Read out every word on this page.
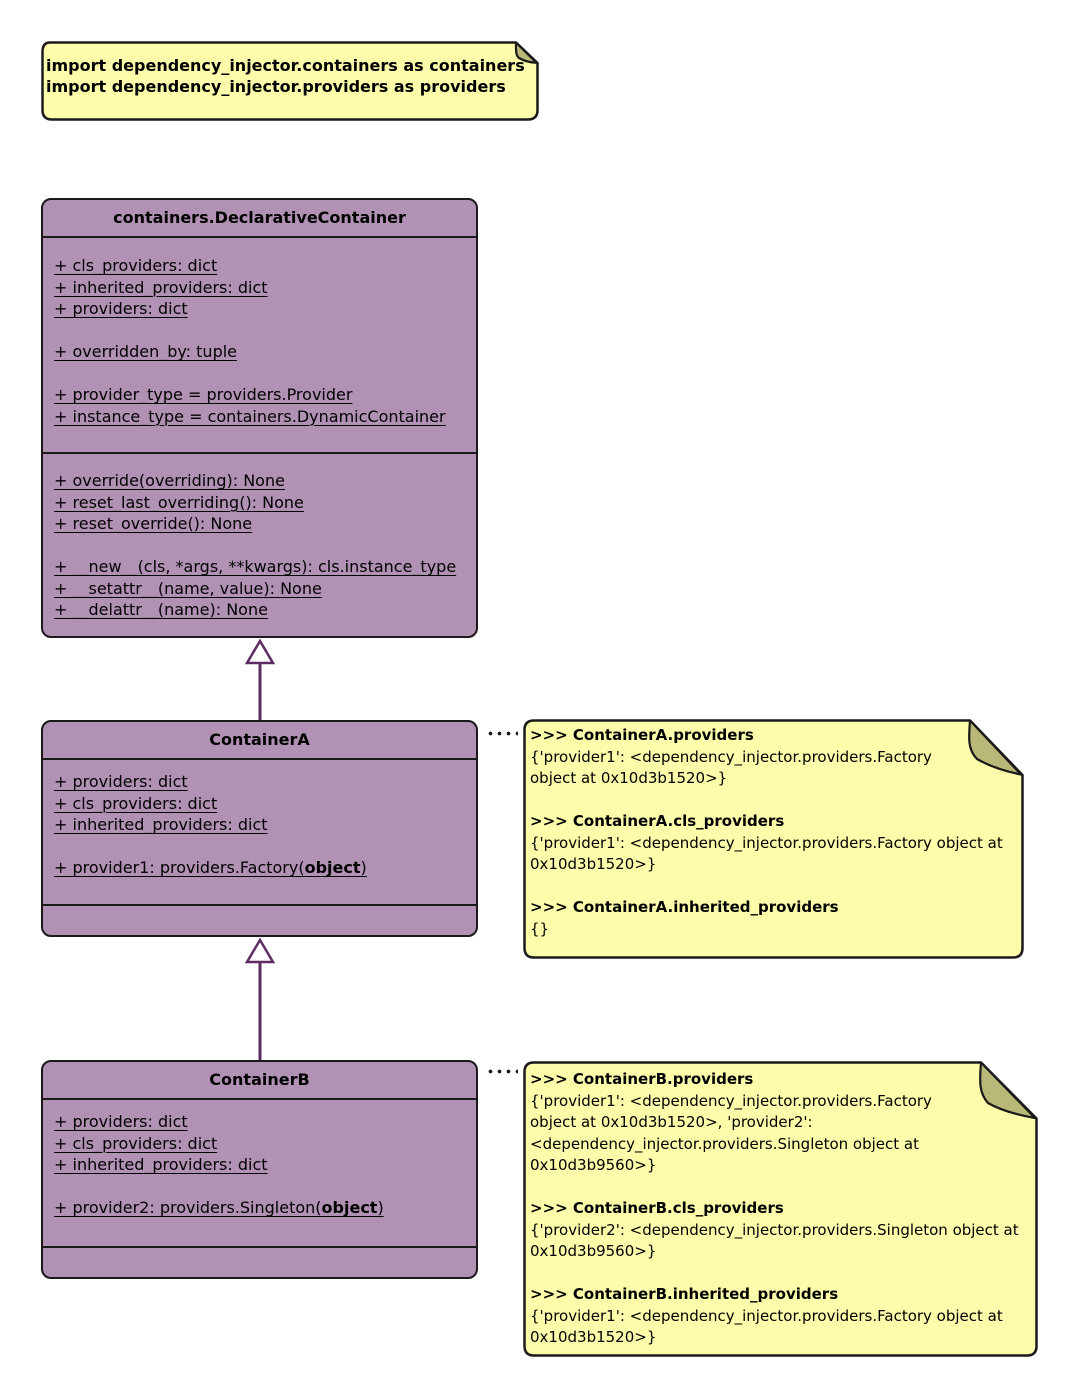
import dependency_injector.containers as containers
import dependency_injector.providers as providers
containers.DeclarativeContainer
+ cls_providers: dict
+ inherited_providers: dict
+ providers: dict
+ overridden_by: tuple
+ provider_type = providers.Provider
+ instance_type = containers.DynamicContainer
+ override(overriding): None
+ reset_last_overriding(): None
+ reset_override(): None
+ __new__(cls, *args, **kwargs): cls.instance_type
+ __setattr__(name, value): None
+ __delattr__(name): None
ContainerA
+ providers: dict
+ cls_providers: dict
+ inherited_providers: dict
+ provider1: providers.Factory(object)
>>> ContainerA.providers
{'provider1': <dependency_injector.providers.Factory
object at 0x10d3b1520>}
>>> ContainerA.cls_providers
{'provider1': <dependency_injector.providers.Factory object at
0x10d3b1520>}
>>> ContainerA.inherited_providers
{}
ContainerB
+ providers: dict
+ cls_providers: dict
+ inherited_providers: dict
+ provider2: providers.Singleton(object)
>>> ContainerB.providers
{'provider1': <dependency_injector.providers.Factory
object at 0x10d3b1520>, 'provider2':
<dependency_injector.providers.Singleton object at
0x10d3b9560>}
>>> ContainerB.cls_providers
{'provider2': <dependency_injector.providers.Singleton object at
0x10d3b9560>}
>>> ContainerB.inherited_providers
{'provider1': <dependency_injector.providers.Factory object at
0x10d3b1520>}
